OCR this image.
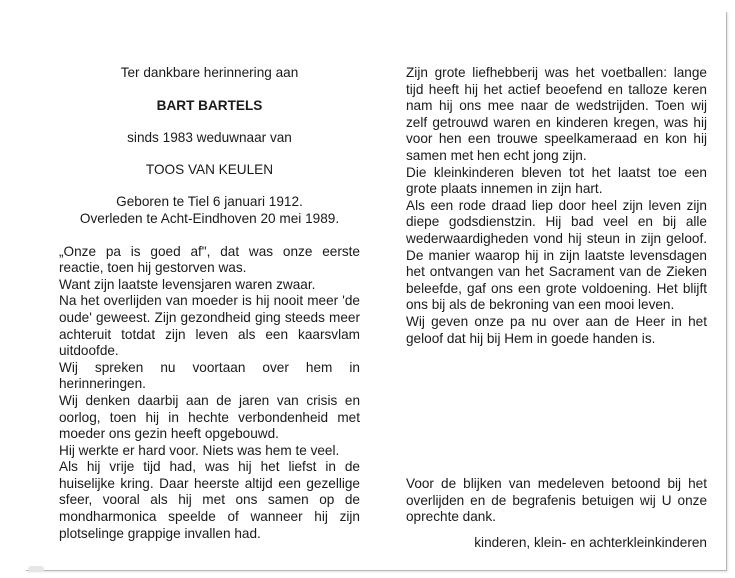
Ter dankbare herinnering aan

BART BARTELS
sinds 1983 weduwnaar van
TOOS VAN KEULEN
Geboren te Tiel 6 januari 1912.
Overleden te Acht-Eindhoven 20 mei 1989.

„Onze pa is goed af", dat was onze eerste reactie, toen hij gestorven was.

Want zijn laatste levensjaren waren zwaar.

Na het overlijden van moeder is hij nooit meer 'de oude' geweest. Zijn gezondheid ging steeds meer achteruit totdat zijn leven als een kaarsvlam uitdoofde.

Wij spreken nu voortaan over hem in herinneringen.

Wij denken daarbij aan de jaren van crisis en oorlog, toen hij in hechte verbondenheid met moeder ons gezin heeft opgebouwd.

Hij werkte er hard voor. Niets was hem te veel.

Als hij vrije tijd had, was hij het liefst in de huiselijke kring. Daar heerste altijd een gezellige sfeer, vooral als hij met ons samen op de mondharmonica speelde of wanneer hij zijn plotselinge grappige invallen had.

Zijn grote liefhebberij was het voetballen: lange tijd heeft hij het actief beoefend en talloze keren nam hij ons mee naar de wedstrijden. Toen wij zelf getrouwd waren en kinderen kregen, was hij voor hen een trouwe speelkameraad en kon hij samen met hen echt jong zijn.

Die kleinkinderen bleven tot het laatst toe een grote plaats innemen in zijn hart.

Als een rode draad liep door heel zijn leven zijn diepe godsdienstzin. Hij bad veel en bij alle wederwaardigheden vond hij steun in zijn geloof. De manier waarop hij in zijn laatste levensdagen het ontvangen van het Sacrament van de Zieken beleefde, gaf ons een grote voldoening. Het blijft ons bij als de bekroning van een mooi leven.

Wij geven onze pa nu over aan de Heer in het geloof dat hij bij Hem in goede handen is.

Voor de blijken van medeleven betoond bij het overlijden en de begrafenis betuigen wij U onze oprechte dank.

kinderen, klein- en achterkleinkinderen
